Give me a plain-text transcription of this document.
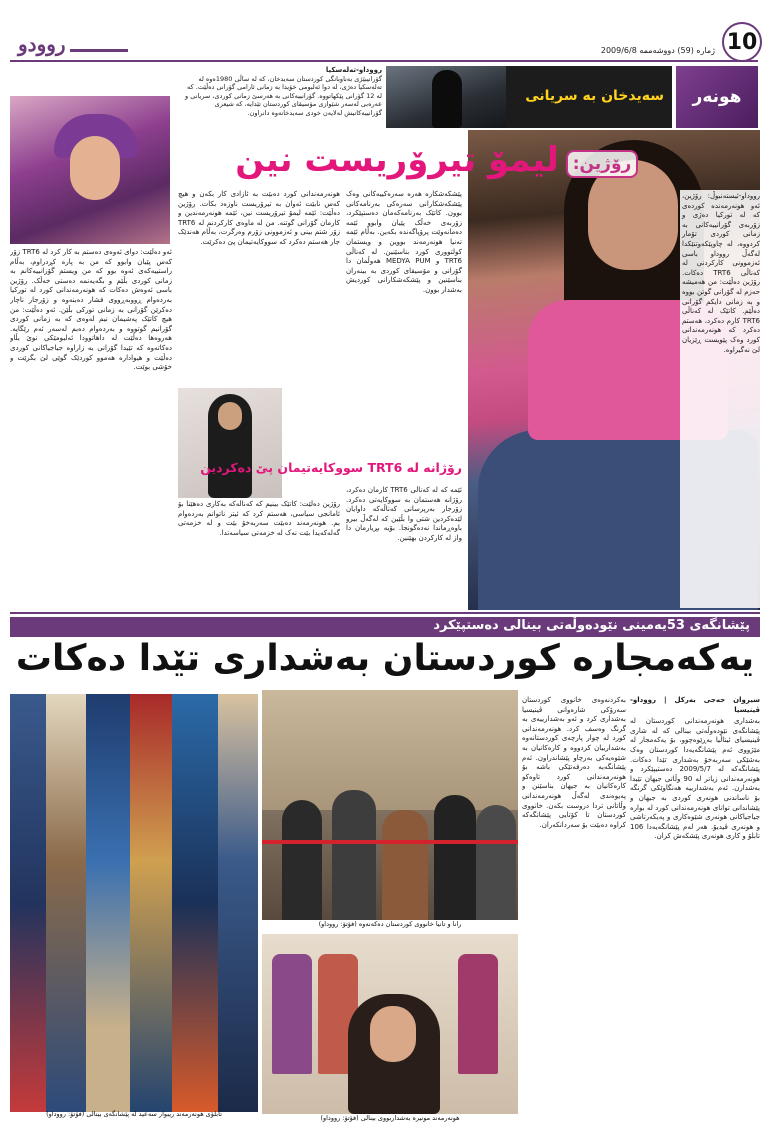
روودو	ژمارە (59) دووشەممە 2009/6/8 10
هونەر
سەیدخان بە سریانی
رووداو-تەلەسکیا
گۆرانیبێژی بەناوبانگی کوردستان سەیدخان، کە لە ساڵی 1980ەوە لە تەلەسکیا دەژی، لە دوا ئەلبومی خۆیدا بە زمانی ئارامی گۆرانی دەڵێت. کە لە 12 گۆرانی پێکهاتووە. گۆرانییەکانی بە هەرسێ زمانی کوردی، سریانی و عەرەبی لەسەر شێوازی مۆسیقای کوردستان تێدایە، کە شیعری گۆرانییەکانیش لەلایەن خودی سەیدخانەوە دانراون.
رۆژین:
لیمۆ تیرۆریست نین

رووداو-ئیستەنبوڵ: رۆژین، ئەو هونەرمەندە کوردەی کە لە تورکیا دەژی و زۆربەی گۆرانییەکانی بە زمانی کوردی تۆمار کردووە، لە چاوپێکەوتنێکدا لەگەڵ رووداو باسی ئەزموونی کارکردنی لە کەناڵی TRT6 دەکات. رۆژین دەڵێت: من هەمیشە حەزم لە گۆرانی گوتن بووە و بە زمانی دایکم گۆرانی دەڵێم. کاتێک لە کەناڵی TRT6 کارم دەکرد، هەستم دەکرد کە هونەرمەندانی کورد وەک پێویست ڕێزیان لێ نەگیراوە.

پێشکەشکارە هەرە سەرەکییەکانی وەک پێشکەشکارانی سەرەکی بەرنامەکانی بوون. کاتێک بەرنامەکەمان دەستپێکرد، زۆربەی خەڵک پێیان وابوو ئێمە دەمانەوێت پرۆپاگەندە بکەین. بەڵام ئێمە تەنیا هونەرمەند بووین و ویستمان کولتووری کورد بناسێنین. لە کەناڵی TRT6 و MEDYA PUM هەوڵمان دا گۆرانی و مۆسیقای کوردی بە بینەران بناسێنین و پێشکەشکارانی کوردیش بەشدار بوون.

هونەرمەندانی کورد دەبێت بە ئازادی کار بکەن و هیچ کەس نابێت ئەوان بە تیرۆریست ناوزەد بکات. رۆژین دەڵێت: ئێمە لیمۆ تیرۆریست نین، ئێمە هونەرمەندین و کارمان گۆرانی گوتنە. من لە ماوەی کارکردنم لە TRT6 زۆر شتم بینی و ئەزموونی زۆرم وەرگرت، بەڵام هەندێک جار هەستم دەکرد کە سووکایەتیمان پێ دەکرێت.

ئەو دەڵێت: دوای ئەوەی دەستم بە کار کرد لە TRT6 زۆر کەس پێیان وابوو کە من بە پارە کڕدراوم، بەڵام راستییەکەی ئەوە بوو کە من ویستم گۆرانییەکانم بە زمانی کوردی بڵێم و بگەیەنمە دەستی خەڵک. رۆژین باسی ئەوەش دەکات کە هونەرمەندانی کورد لە تورکیا بەردەوام ڕووبەڕووی فشار دەبنەوە و زۆرجار ناچار دەکرێن گۆرانی بە زمانی تورکی بڵێن. ئەو دەڵێت: من هیچ کاتێک پەشیمان نیم لەوەی کە بە زمانی کوردی گۆرانیم گوتووە و بەردەوام دەبم لەسەر ئەم رێگایە. هەروەها دەڵێت لە داهاتوودا ئەلبومێکی نوێ بڵاو دەکاتەوە کە تێیدا گۆرانی بە زاراوە جیاجیاکانی کوردی دەڵێت و هیوادارە هەموو کوردێک گوێی لێ بگرێت و خۆشی بوێت.

رۆژانە لە TRT6 سووکایەتیمان پێ دەکردین

ئێمە کە لە کەناڵی TRT6 کارمان دەکرد، رۆژانە هەستمان بە سووکایەتی دەکرد. زۆرجار بەرپرسانی کەناڵەکە داوایان لێدەکردین شتی وا بڵێین کە لەگەڵ بیرو باوەڕماندا نەدەگونجا. بۆیە بڕیارمان دا واز لە کارکردن بهێنین.

رۆژین دەڵێت: کاتێک بینیم کە کەناڵەکە بەکاری دەهێنا بۆ ئامانجی سیاسی، هەستم کرد کە ئیتر ناتوانم بەردەوام بم. هونەرمەند دەبێت سەربەخۆ بێت و لە خزمەتی گەلەکەیدا بێت نەک لە خزمەتی سیاسەتدا.

پێشانگەی 53یەمینی نێودەوڵەتی بینالی دەستپێکرد
یەکەمجارە کوردستان بەشداری تێدا دەکات
تابلۆی هونەرمەند ریبوار سەعید لە پێشانگەی بینالی (فۆتۆ: رووداو)
رانا و تانیا خانووی کوردستان دەکەنەوە (فۆتۆ: رووداو)
هونەرمەند مونیرە بەشداربووی بینالی (فۆتۆ: رووداو)

سیروان حەجی بەرکل | رووداو-ڤینیسیا

بەشداری هونەرمەندانی کوردستان لە پێشانگەی نێودەوڵەتی بینالی کە لە شاری ڤینیسیای ئیتاڵیا بەڕێوەچوو، بۆ یەکەمجار لە مێژووی ئەم پێشانگەیەدا کوردستان وەک بەشێکی سەربەخۆ بەشداری تێدا دەکات. پێشانگەکە لە 2009/5/7 دەستیپێکرد و هونەرمەندانی زیاتر لە 90 وڵاتی جیهان تێیدا بەشدارن. ئەم بەشدارییە هەنگاوێکی گرنگە بۆ ناساندنی هونەری کوردی بە جیهان و پێشاندانی توانای هونەرمەندانی کورد لە بوارە جیاجیاکانی هونەری شێوەکاری و پەیکەرتاشی و هونەری ڤیدیۆ. هەر لەم پێشانگەیەدا 106 تابلۆ و کاری هونەری پێشکەش کران.

بەکردنەوەی خانووی کوردستان سەرۆکی شارەوانی ڤینیسیا بەشداری کرد و ئەو بەشدارییەی بە گرنگ وەسف کرد. هونەرمەندانی کورد لە چوار پارچەی کوردستانەوە بەشدارییان کردووە و کارەکانیان بە شێوەیەکی بەرچاو پێشاندراون. ئەم پێشانگەیە دەرفەتێکی باشە بۆ هونەرمەندانی کورد تاوەکو کارەکانیان بە جیهان بناسێنن و پەیوەندی لەگەڵ هونەرمەندانی وڵاتانی تردا دروست بکەن. خانووی کوردستان تا کۆتایی پێشانگەکە کراوە دەبێت بۆ سەردانکەران.
